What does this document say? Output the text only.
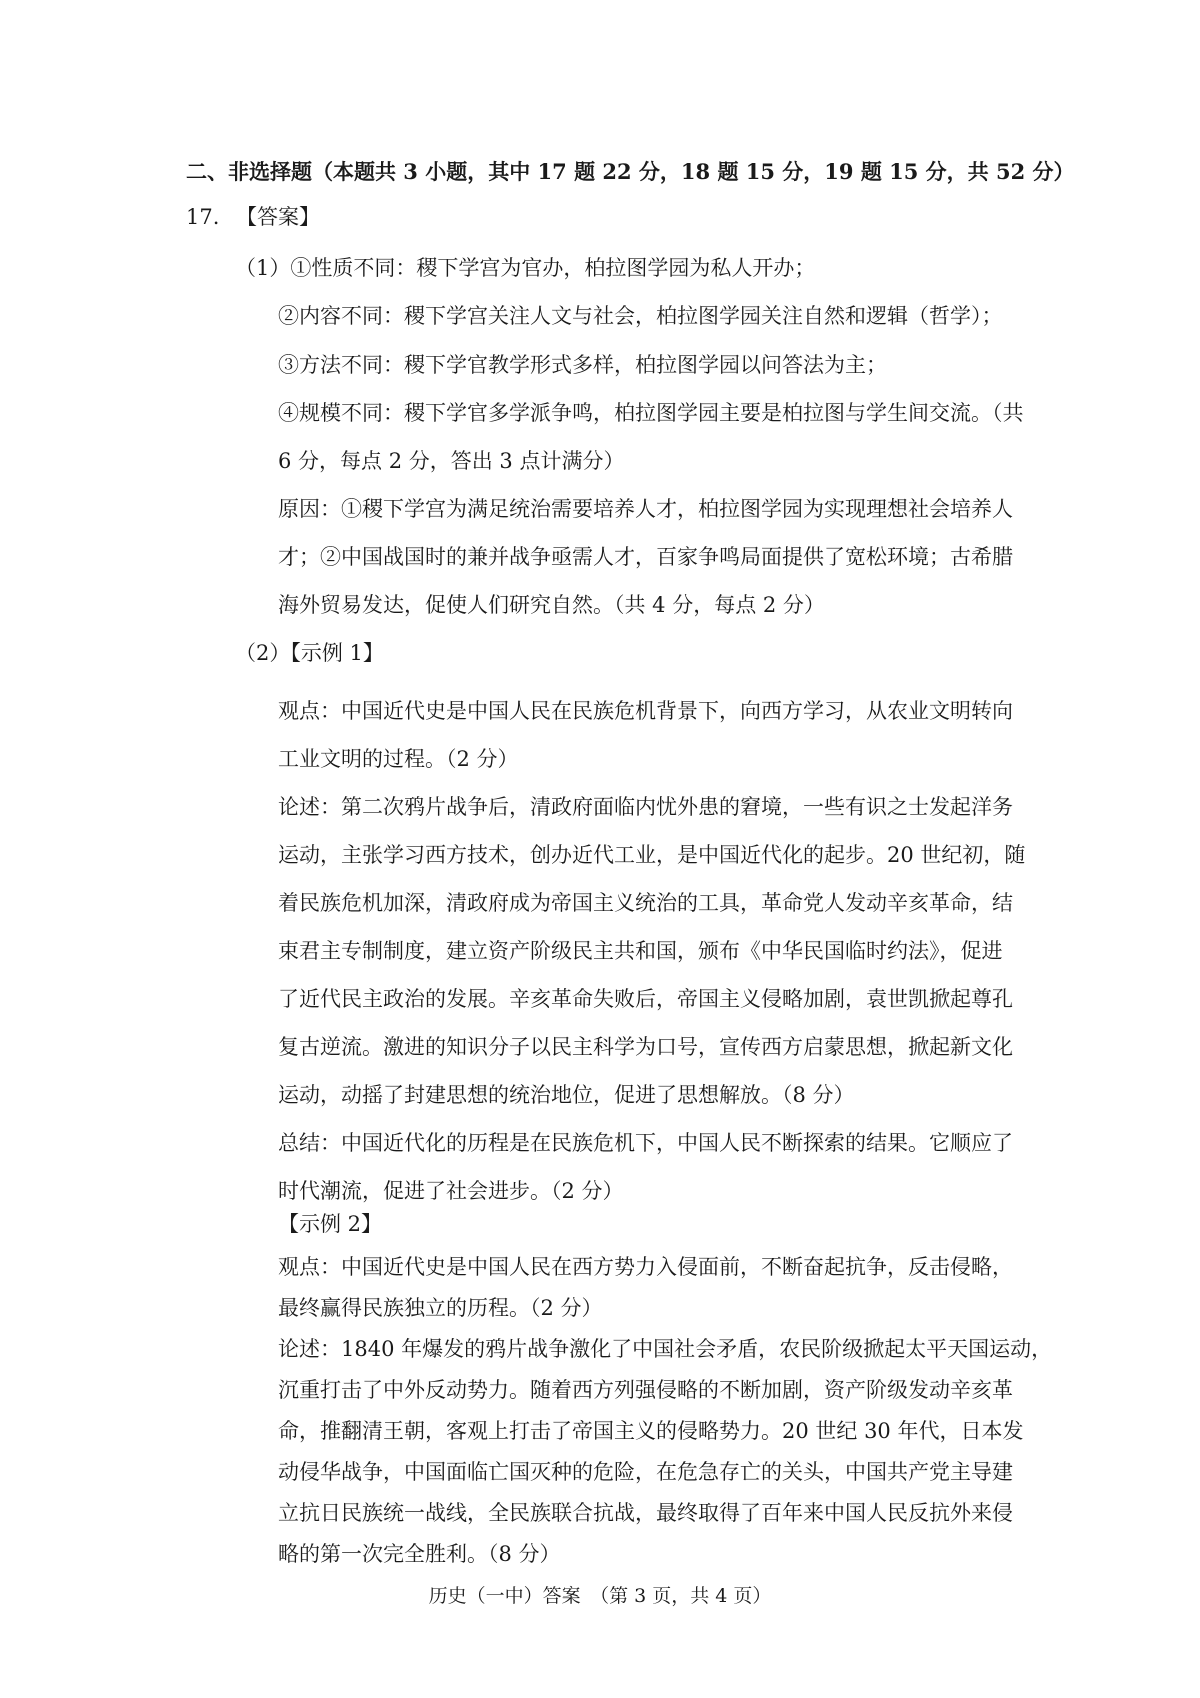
二、非选择题（本题共 3 小题，其中 17 题 22 分，18 题 15 分，19 题 15 分，共 52 分）
17. 【答案】
（1）①性质不同：稷下学宫为官办，柏拉图学园为私人开办；
②内容不同：稷下学宫关注人文与社会，柏拉图学园关注自然和逻辑（哲学）；
③方法不同：稷下学官教学形式多样，柏拉图学园以问答法为主；
④规模不同：稷下学官多学派争鸣，柏拉图学园主要是柏拉图与学生间交流。（共
6 分，每点 2 分，答出 3 点计满分）
原因：①稷下学宫为满足统治需要培养人才，柏拉图学园为实现理想社会培养人
才；②中国战国时的兼并战争亟需人才，百家争鸣局面提供了宽松环境；古希腊
海外贸易发达，促使人们研究自然。（共 4 分，每点 2 分）
（2）【示例 1】

观点：中国近代史是中国人民在民族危机背景下，向西方学习，从农业文明转向

工业文明的过程。（2 分）

论述：第二次鸦片战争后，清政府面临内忧外患的窘境，一些有识之士发起洋务

运动，主张学习西方技术，创办近代工业，是中国近代化的起步。20 世纪初，随

着民族危机加深，清政府成为帝国主义统治的工具，革命党人发动辛亥革命，结

束君主专制制度，建立资产阶级民主共和国，颁布《中华民国临时约法》，促进

了近代民主政治的发展。辛亥革命失败后，帝国主义侵略加剧，袁世凯掀起尊孔

复古逆流。激进的知识分子以民主科学为口号，宣传西方启蒙思想，掀起新文化

运动，动摇了封建思想的统治地位，促进了思想解放。（8 分）

总结：中国近代化的历程是在民族危机下，中国人民不断探索的结果。它顺应了

时代潮流，促进了社会进步。（2 分）

【示例 2】

观点：中国近代史是中国人民在西方势力入侵面前，不断奋起抗争，反击侵略，

最终赢得民族独立的历程。（2 分）

论述：1840 年爆发的鸦片战争激化了中国社会矛盾，农民阶级掀起太平天国运动，

沉重打击了中外反动势力。随着西方列强侵略的不断加剧，资产阶级发动辛亥革

命，推翻清王朝，客观上打击了帝国主义的侵略势力。20 世纪 30 年代，日本发

动侵华战争，中国面临亡国灭种的危险，在危急存亡的关头，中国共产党主导建

立抗日民族统一战线，全民族联合抗战，最终取得了百年来中国人民反抗外来侵

略的第一次完全胜利。（8 分）

历史（一中）答案　（第 3 页，共 4 页）
